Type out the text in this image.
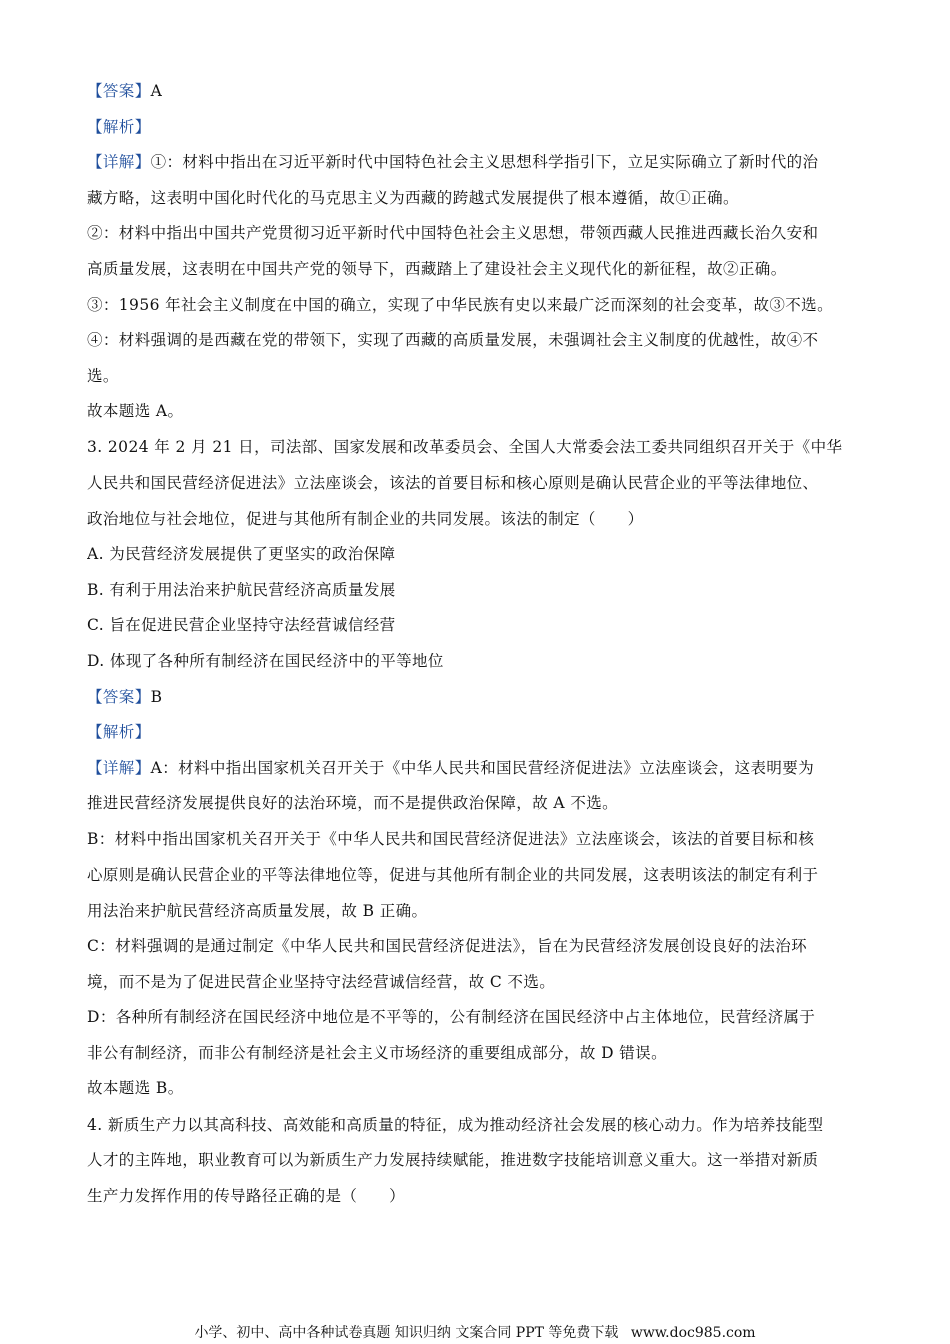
【答案】A
【解析】
【详解】①：材料中指出在习近平新时代中国特色社会主义思想科学指引下，立足实际确立了新时代的治
藏方略，这表明中国化时代化的马克思主义为西藏的跨越式发展提供了根本遵循，故①正确。
②：材料中指出中国共产党贯彻习近平新时代中国特色社会主义思想，带领西藏人民推进西藏长治久安和
高质量发展，这表明在中国共产党的领导下，西藏踏上了建设社会主义现代化的新征程，故②正确。
③：1956 年社会主义制度在中国的确立，实现了中华民族有史以来最广泛而深刻的社会变革，故③不选。
④：材料强调的是西藏在党的带领下，实现了西藏的高质量发展，未强调社会主义制度的优越性，故④不
选。
故本题选 A。
3. 2024 年 2 月 21 日，司法部、国家发展和改革委员会、全国人大常委会法工委共同组织召开关于《中华
人民共和国民营经济促进法》立法座谈会，该法的首要目标和核心原则是确认民营企业的平等法律地位、
政治地位与社会地位，促进与其他所有制企业的共同发展。该法的制定（　　）
A. 为民营经济发展提供了更坚实的政治保障
B. 有利于用法治来护航民营经济高质量发展
C. 旨在促进民营企业坚持守法经营诚信经营
D. 体现了各种所有制经济在国民经济中的平等地位
【答案】B
【解析】
【详解】A：材料中指出国家机关召开关于《中华人民共和国民营经济促进法》立法座谈会，这表明要为
推进民营经济发展提供良好的法治环境，而不是提供政治保障，故 A 不选。
B：材料中指出国家机关召开关于《中华人民共和国民营经济促进法》立法座谈会，该法的首要目标和核
心原则是确认民营企业的平等法律地位等，促进与其他所有制企业的共同发展，这表明该法的制定有利于
用法治来护航民营经济高质量发展，故 B 正确。
C：材料强调的是通过制定《中华人民共和国民营经济促进法》，旨在为民营经济发展创设良好的法治环
境，而不是为了促进民营企业坚持守法经营诚信经营，故 C 不选。
D：各种所有制经济在国民经济中地位是不平等的，公有制经济在国民经济中占主体地位，民营经济属于
非公有制经济，而非公有制经济是社会主义市场经济的重要组成部分，故 D 错误。
故本题选 B。
4. 新质生产力以其高科技、高效能和高质量的特征，成为推动经济社会发展的核心动力。作为培养技能型
人才的主阵地，职业教育可以为新质生产力发展持续赋能，推进数字技能培训意义重大。这一举措对新质
生产力发挥作用的传导路径正确的是（　　）
小学、初中、高中各种试卷真题 知识归纳 文案合同 PPT 等免费下载 www.doc985.com
